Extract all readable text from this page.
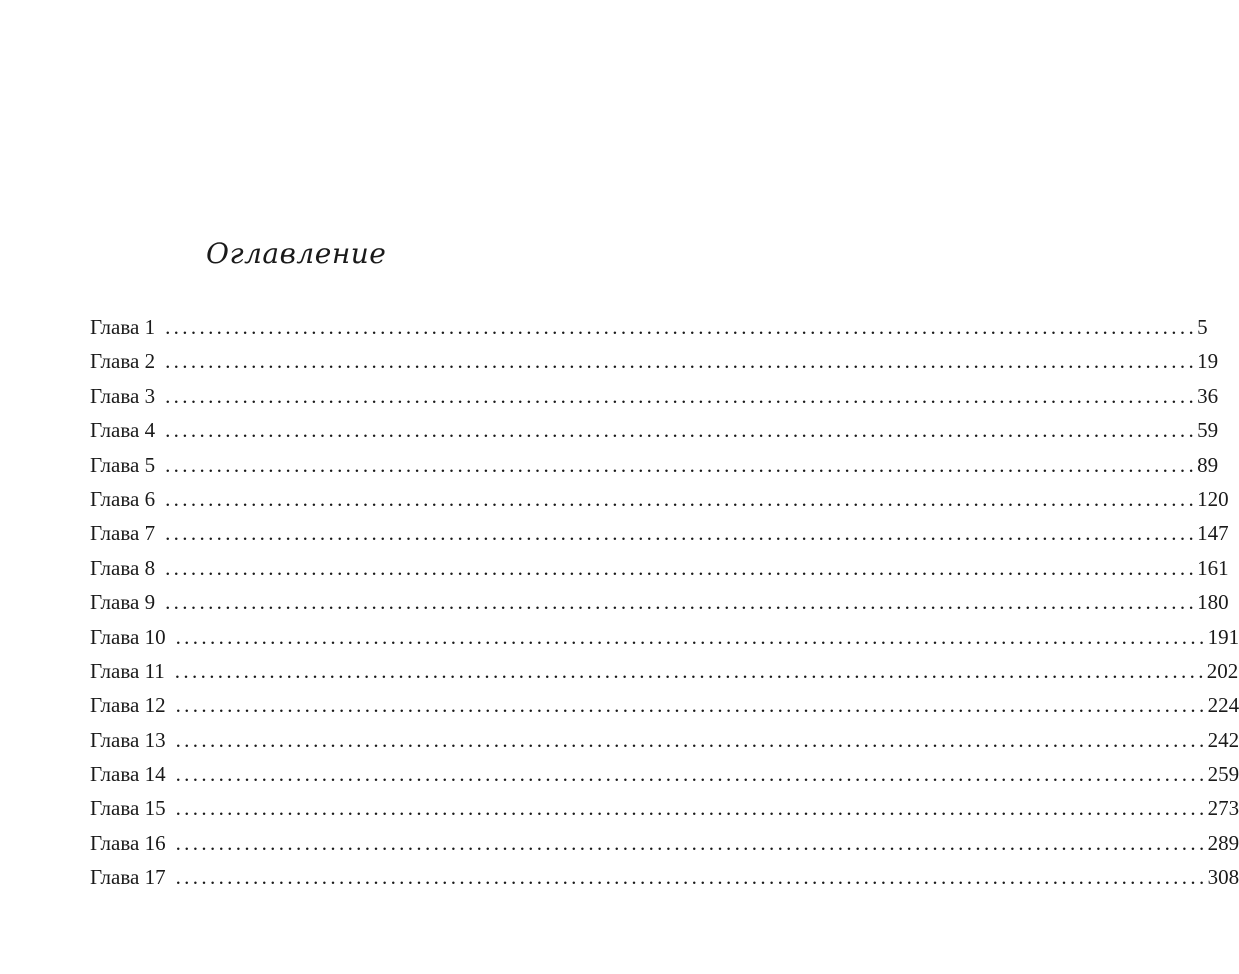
Оглавление
Глава 1 ........................................................................................................................ 5
Глава 2 ........................................................................................................................ 19
Глава 3 ........................................................................................................................ 36
Глава 4 ........................................................................................................................ 59
Глава 5 ........................................................................................................................ 89
Глава 6 ........................................................................................................................ 120
Глава 7 ........................................................................................................................ 147
Глава 8 ........................................................................................................................ 161
Глава 9 ........................................................................................................................ 180
Глава 10 ........................................................................................................................ 191
Глава 11 ........................................................................................................................ 202
Глава 12 ........................................................................................................................ 224
Глава 13 ........................................................................................................................ 242
Глава 14 ........................................................................................................................ 259
Глава 15 ........................................................................................................................ 273
Глава 16 ........................................................................................................................ 289
Глава 17 ........................................................................................................................ 308
